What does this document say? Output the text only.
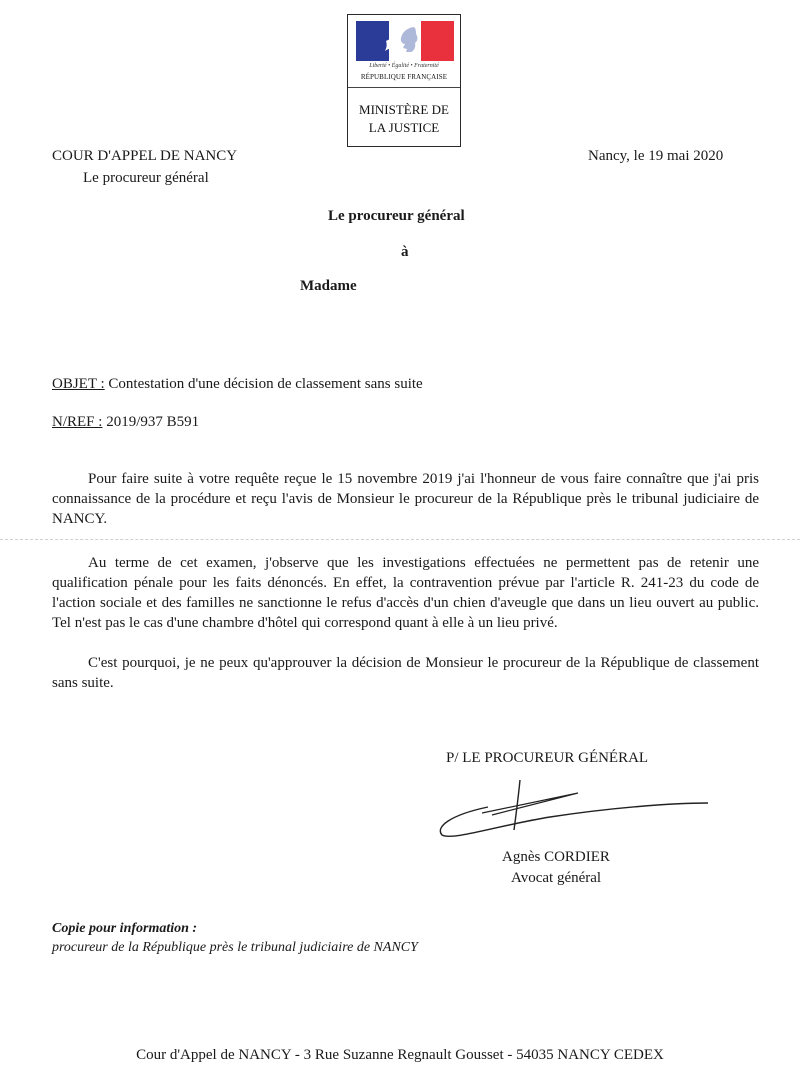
Liberté • Égalité • Fraternité
RÉPUBLIQUE FRANÇAISE
MINISTÈRE DE
LA JUSTICE
COUR D'APPEL DE NANCY
Le procureur général
Nancy, le 19 mai 2020
Le procureur général
à
Madame
OBJET : Contestation d'une décision de classement sans suite
N/REF : 2019/937 B591
Pour faire suite à votre requête reçue le 15 novembre 2019 j'ai l'honneur de vous faire connaître que j'ai pris connaissance de la procédure et reçu l'avis de Monsieur le procureur de la République près le tribunal judiciaire de NANCY.
Au terme de cet examen, j'observe que les investigations effectuées ne permettent pas de retenir une qualification pénale pour les faits dénoncés. En effet, la contravention prévue par l'article R. 241-23 du code de l'action sociale et des familles ne sanctionne le refus d'accès d'un chien d'aveugle que dans un lieu ouvert au public. Tel n'est pas le cas d'une chambre d'hôtel qui correspond quant à elle à un lieu privé.
C'est pourquoi, je ne peux qu'approuver la décision de Monsieur le procureur de la République de classement sans suite.
P/ LE PROCUREUR GÉNÉRAL
Agnès CORDIER
Avocat général
Copie pour information :
procureur de la République près le tribunal judiciaire de NANCY
Cour d'Appel de NANCY - 3 Rue Suzanne Regnault Gousset - 54035 NANCY CEDEX
